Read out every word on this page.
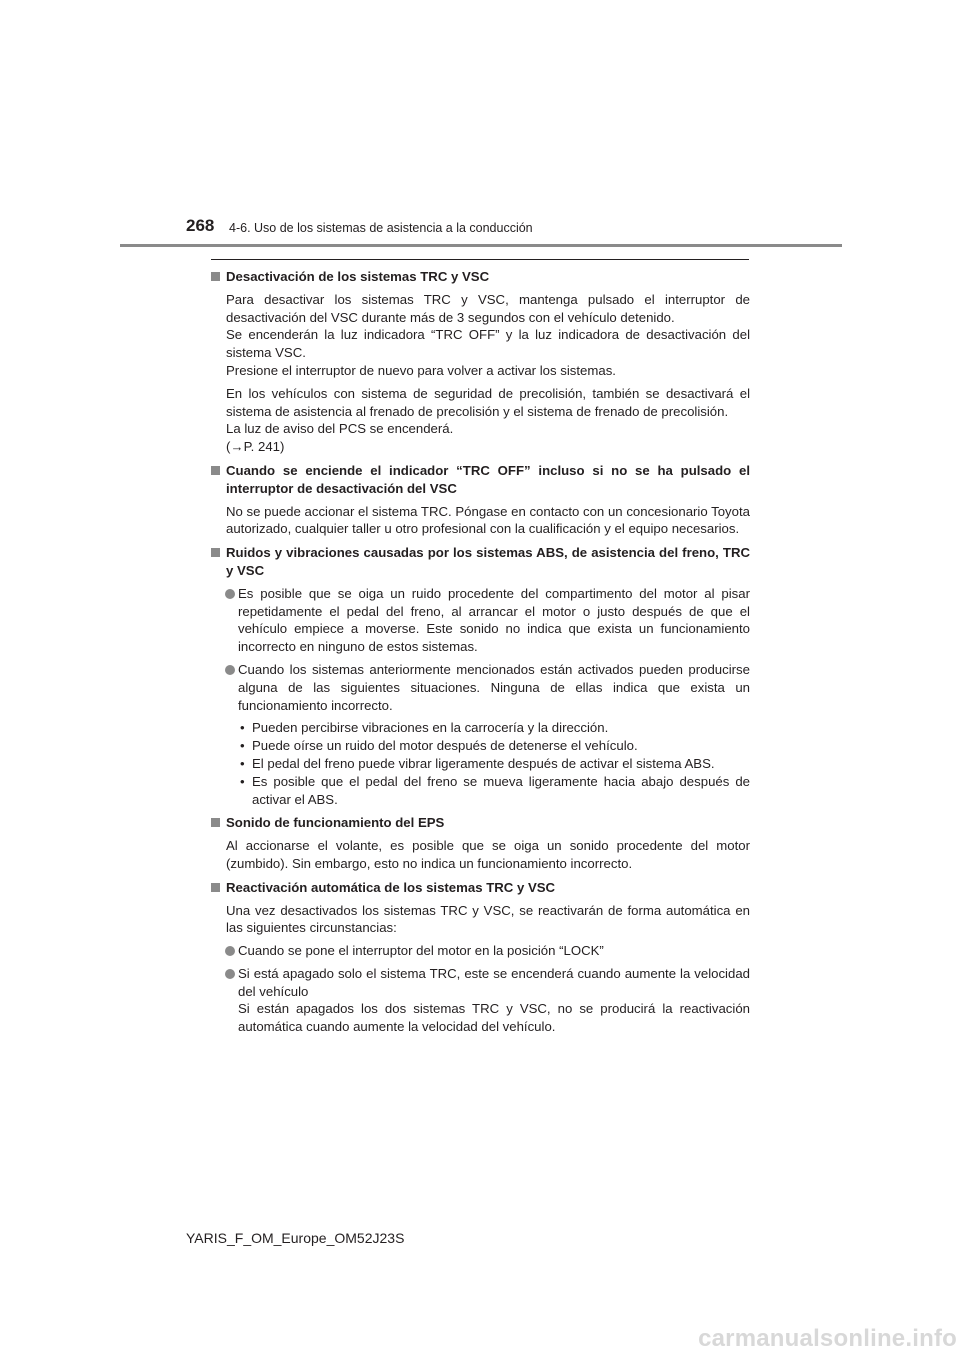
268 4-6. Uso de los sistemas de asistencia a la conducción
Desactivación de los sistemas TRC y VSC

Para desactivar los sistemas TRC y VSC, mantenga pulsado el interruptor de desactivación del VSC durante más de 3 segundos con el vehículo detenido.

Se encenderán la luz indicadora “TRC OFF” y la luz indicadora de desactivación del sistema VSC.

Presione el interruptor de nuevo para volver a activar los sistemas.

En los vehículos con sistema de seguridad de precolisión, también se desactivará el sistema de asistencia al frenado de precolisión y el sistema de frenado de precolisión.

La luz de aviso del PCS se encenderá.

(→P. 241)

Cuando se enciende el indicador “TRC OFF” incluso si no se ha pulsado el interruptor de desactivación del VSC

No se puede accionar el sistema TRC. Póngase en contacto con un concesionario Toyota autorizado, cualquier taller u otro profesional con la cualificación y el equipo necesarios.

Ruidos y vibraciones causadas por los sistemas ABS, de asistencia del freno, TRC y VSC
Es posible que se oiga un ruido procedente del compartimento del motor al pisar repetidamente el pedal del freno, al arrancar el motor o justo después de que el vehículo empiece a moverse. Este sonido no indica que exista un funcionamiento incorrecto en ninguno de estos sistemas.
Cuando los sistemas anteriormente mencionados están activados pueden producirse alguna de las siguientes situaciones. Ninguna de ellas indica que exista un funcionamiento incorrecto.
• Pueden percibirse vibraciones en la carrocería y la dirección.
• Puede oírse un ruido del motor después de detenerse el vehículo.
• El pedal del freno puede vibrar ligeramente después de activar el sistema ABS.
• Es posible que el pedal del freno se mueva ligeramente hacia abajo después de activar el ABS.
Sonido de funcionamiento del EPS

Al accionarse el volante, es posible que se oiga un sonido procedente del motor (zumbido). Sin embargo, esto no indica un funcionamiento incorrecto.

Reactivación automática de los sistemas TRC y VSC

Una vez desactivados los sistemas TRC y VSC, se reactivarán de forma automática en las siguientes circunstancias:

Cuando se pone el interruptor del motor en la posición “LOCK”
Si está apagado solo el sistema TRC, este se encenderá cuando aumente la velocidad del vehículo
Si están apagados los dos sistemas TRC y VSC, no se producirá la reactivación automática cuando aumente la velocidad del vehículo.
YARIS_F_OM_Europe_OM52J23S
carmanualsonline.info
